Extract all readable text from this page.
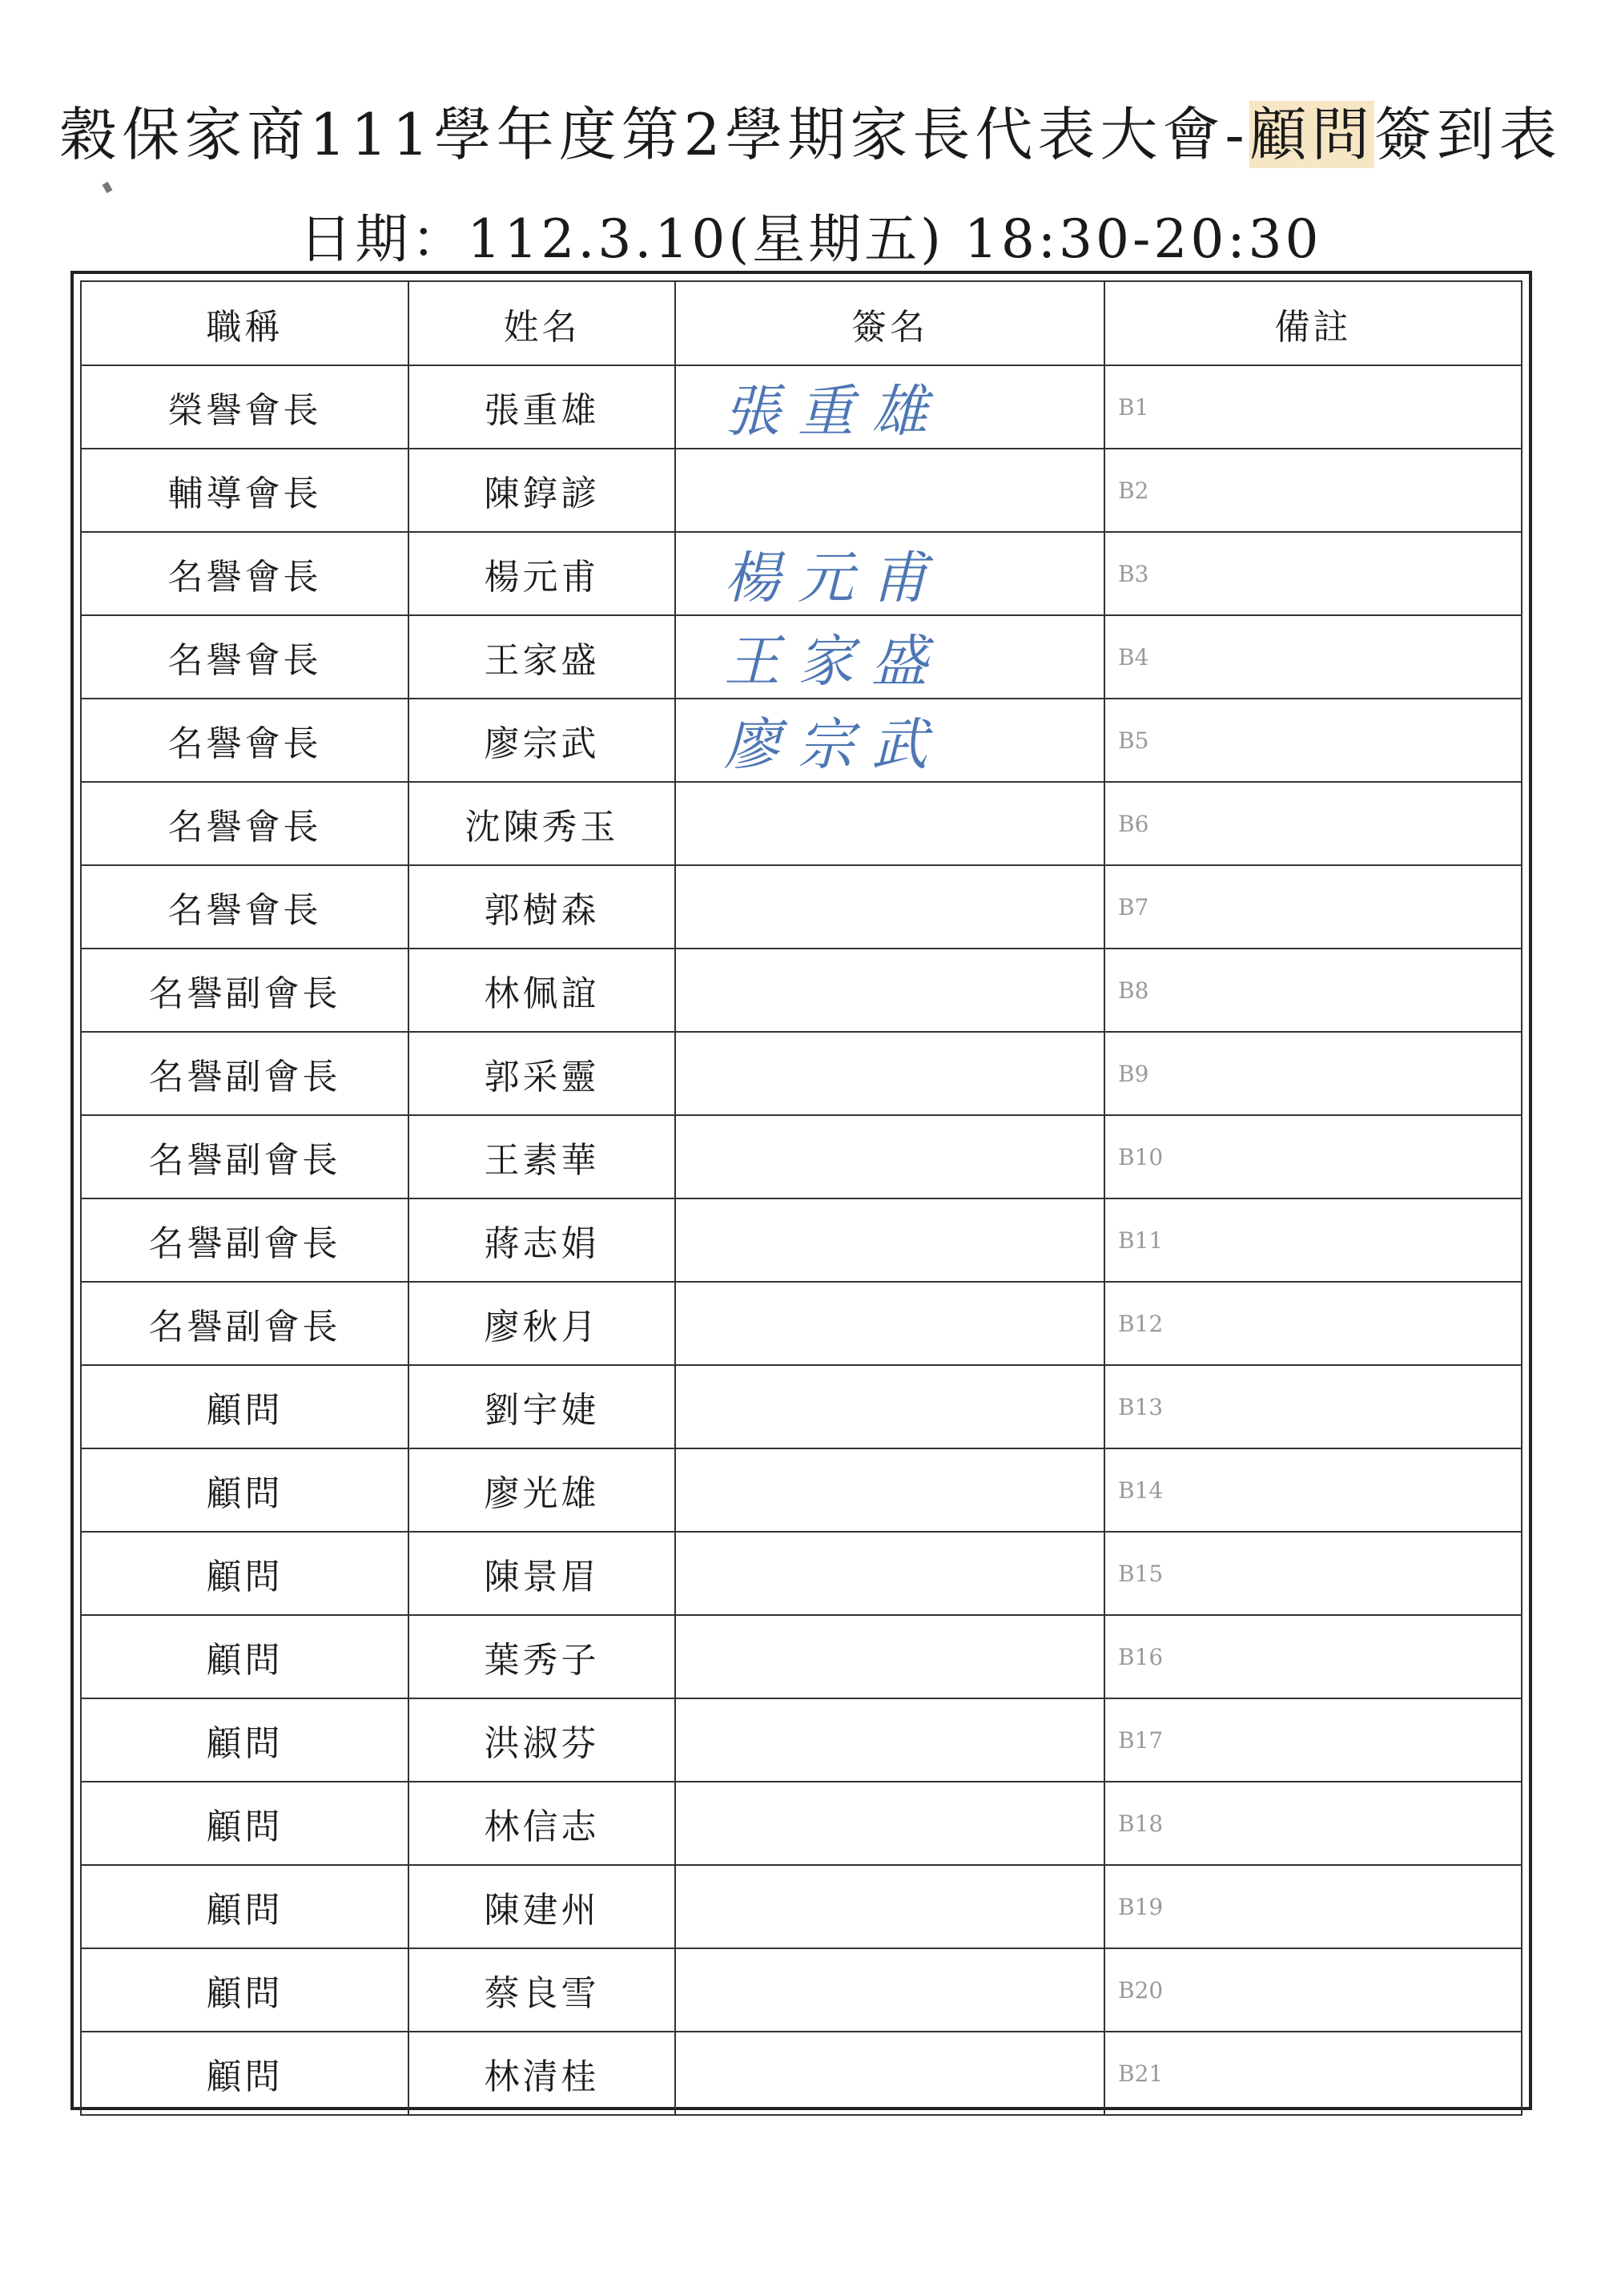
穀保家商111學年度第2學期家長代表大會-顧問簽到表
日期：112.3.10(星期五) 18:30-20:30
職稱	姓名	簽名	備註
榮譽會長	張重雄	張重雄	B1
輔導會長	陳錞諺		B2
名譽會長	楊元甫	楊元甫	B3
名譽會長	王家盛	王家盛	B4
名譽會長	廖宗武	廖宗武	B5
名譽會長	沈陳秀玉		B6
名譽會長	郭樹森		B7
名譽副會長	林佩誼		B8
名譽副會長	郭采靈		B9
名譽副會長	王素華		B10
名譽副會長	蔣志娟		B11
名譽副會長	廖秋月		B12
顧問	劉宇婕		B13
顧問	廖光雄		B14
顧問	陳景眉		B15
顧問	葉秀子		B16
顧問	洪淑芬		B17
顧問	林信志		B18
顧問	陳建州		B19
顧問	蔡良雪		B20
顧問	林清桂		B21
